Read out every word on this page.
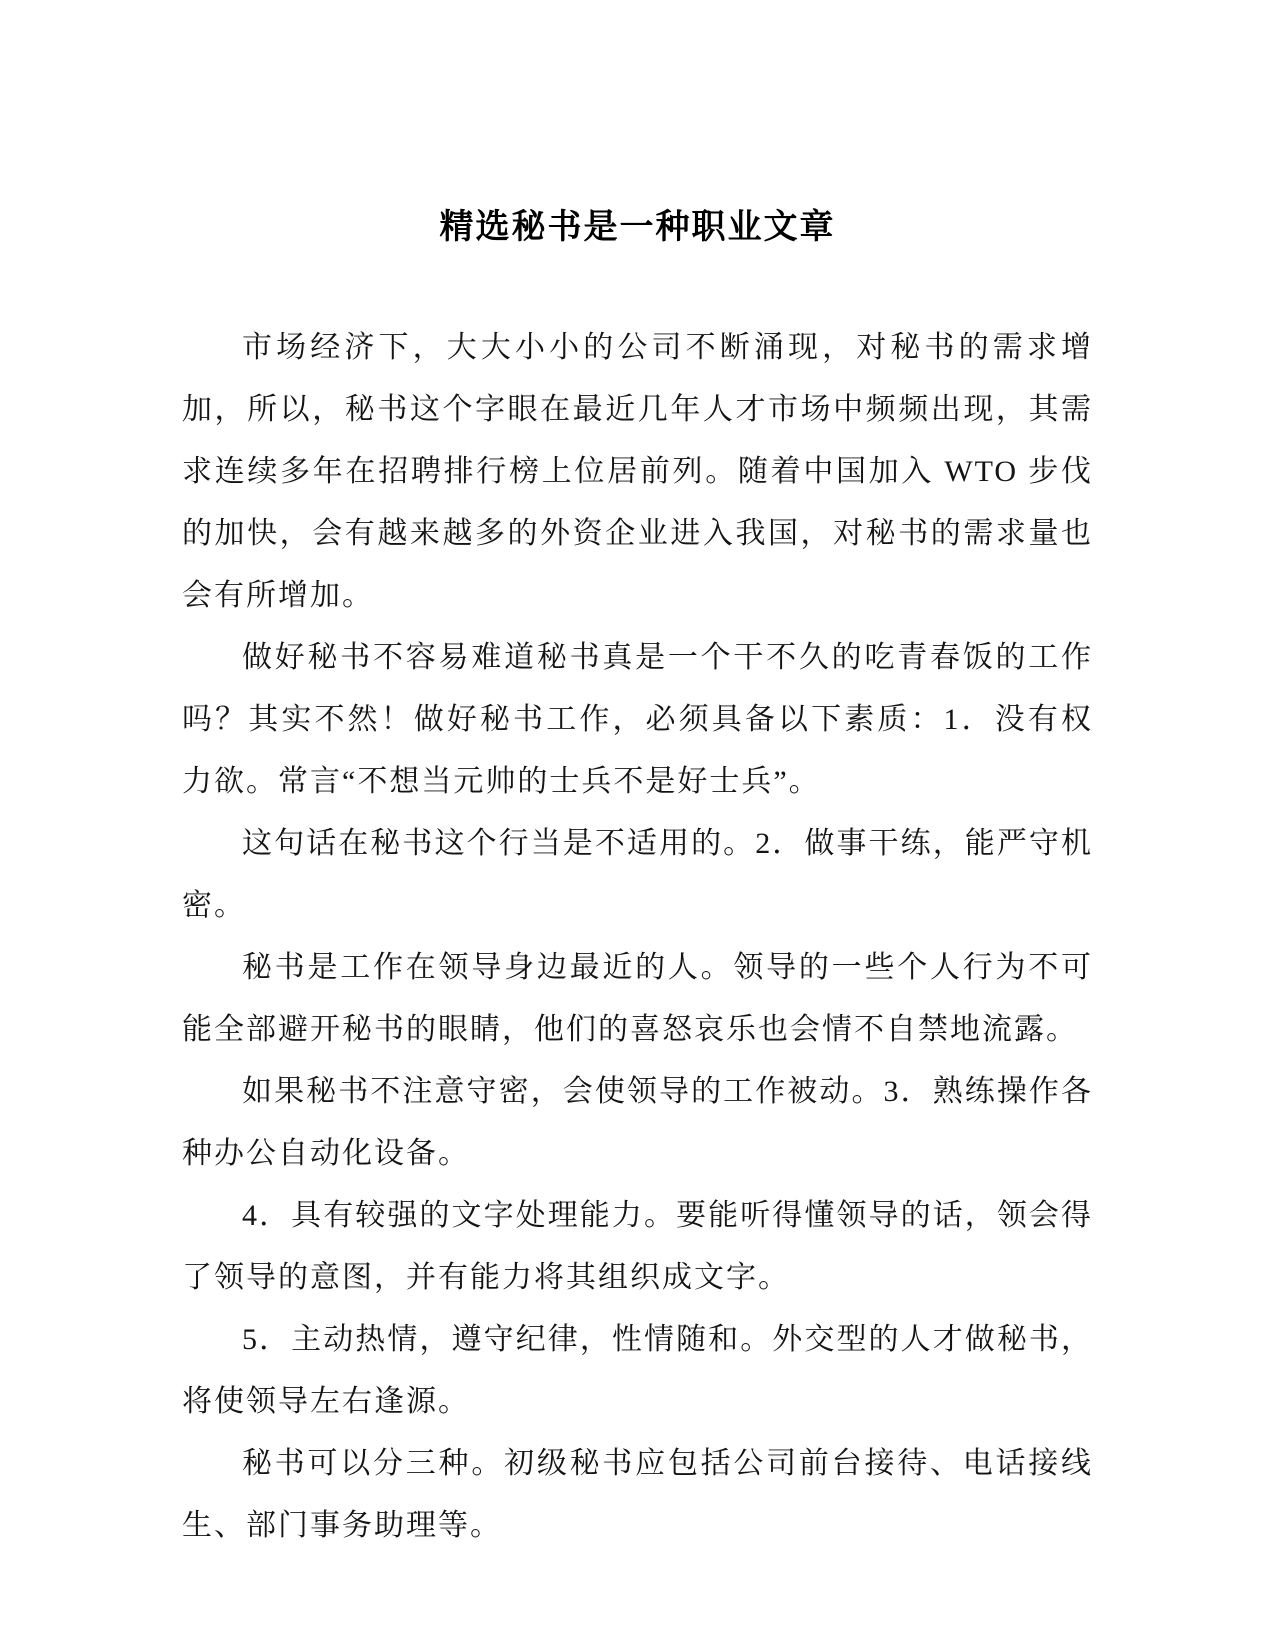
精选秘书是一种职业文章

市场经济下，大大小小的公司不断涌现，对秘书的需求增加，所以，秘书这个字眼在最近几年人才市场中频频出现，其需求连续多年在招聘排行榜上位居前列。随着中国加入 WTO 步伐的加快，会有越来越多的外资企业进入我国，对秘书的需求量也会有所增加。

做好秘书不容易难道秘书真是一个干不久的吃青春饭的工作吗？其实不然！做好秘书工作，必须具备以下素质：1．没有权力欲。常言“不想当元帅的士兵不是好士兵”。

这句话在秘书这个行当是不适用的。2．做事干练，能严守机密。

秘书是工作在领导身边最近的人。领导的一些个人行为不可能全部避开秘书的眼睛，他们的喜怒哀乐也会情不自禁地流露。

如果秘书不注意守密，会使领导的工作被动。3．熟练操作各种办公自动化设备。

4．具有较强的文字处理能力。要能听得懂领导的话，领会得了领导的意图，并有能力将其组织成文字。

5．主动热情，遵守纪律，性情随和。外交型的人才做秘书，将使领导左右逢源。

秘书可以分三种。初级秘书应包括公司前台接待、电话接线生、部门事务助理等。
